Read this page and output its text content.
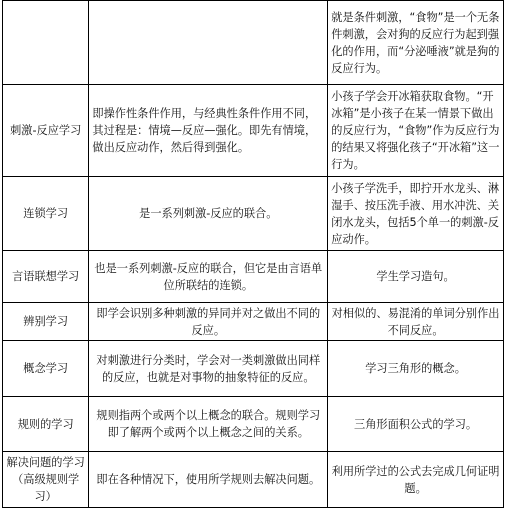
		就是条件刺激，“食物”是一个无条件刺激，会对狗的反应行为起到强化的作用，而“分泌唾液”就是狗的反应行为。
刺激-反应学习	即操作性条件作用，与经典性条件作用不同，其过程是：情境—反应—强化。即先有情境，做出反应动作，然后得到强化。	小孩子学会开冰箱获取食物。“开冰箱”是小孩子在某一情景下做出的反应行为，“食物”作为反应行为的结果又将强化孩子“开冰箱”这一行为。
连锁学习	是一系列刺激-反应的联合。	小孩子学洗手，即拧开水龙头、淋湿手、按压洗手液、用水冲洗、关闭水龙头，包括5个单一的刺激-反应动作。
言语联想学习	也是一系列刺激-反应的联合，但它是由言语单位所联结的连锁。	学生学习造句。
辨别学习	即学会识别多种刺激的异同并对之做出不同的反应。	对相似的、易混淆的单词分别作出不同反应。
概念学习	对刺激进行分类时，学会对一类刺激做出同样的反应，也就是对事物的抽象特征的反应。	学习三角形的概念。
规则的学习	规则指两个或两个以上概念的联合。规则学习即了解两个或两个以上概念之间的关系。	三角形面积公式的学习。
解决问题的学习（高级规则学习）	即在各种情况下，使用所学规则去解决问题。	利用所学过的公式去完成几何证明题。
